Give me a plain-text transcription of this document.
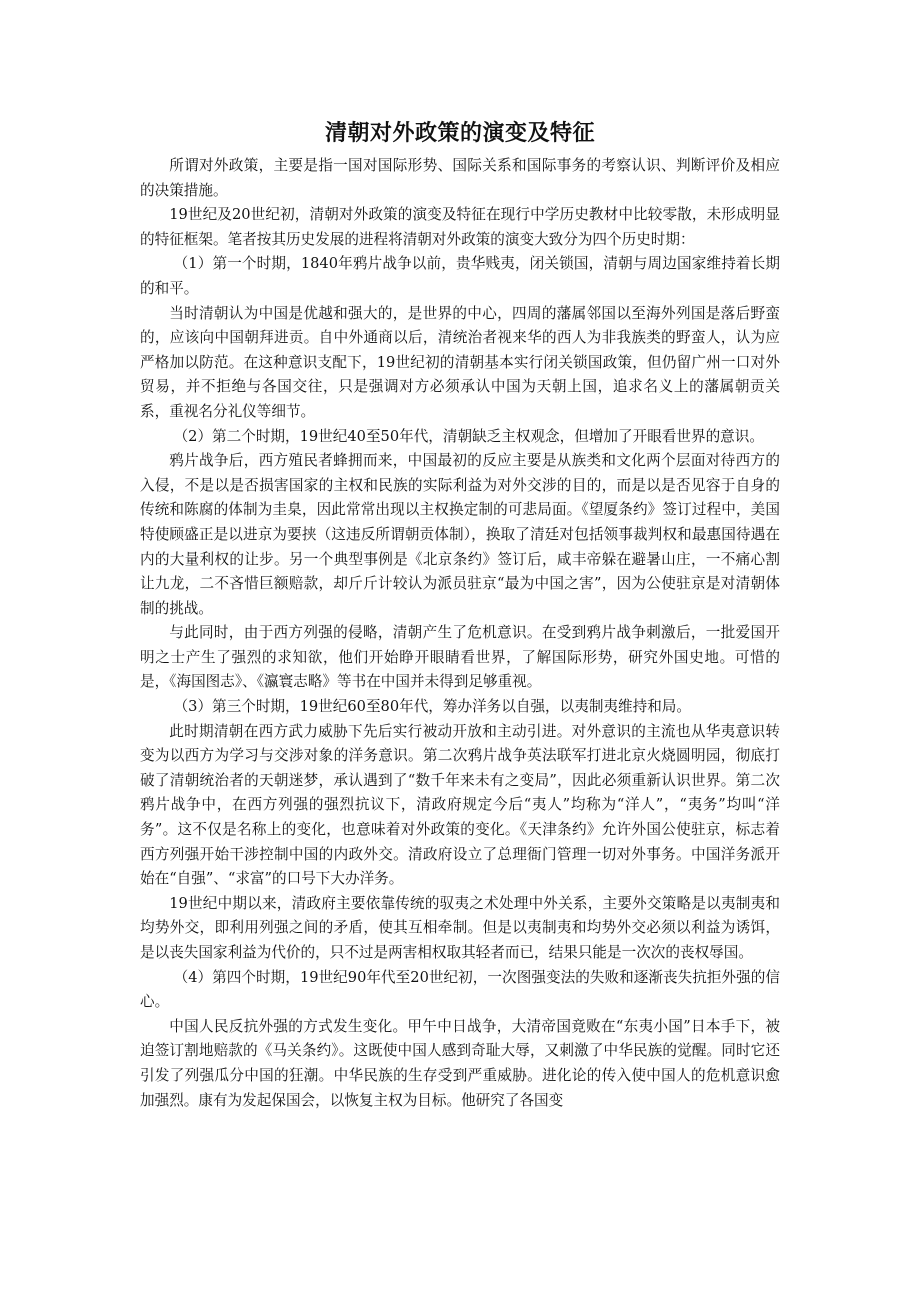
清朝对外政策的演变及特征

所谓对外政策，主要是指一国对国际形势、国际关系和国际事务的考察认识、判断评价及相应的决策措施。

19世纪及20世纪初，清朝对外政策的演变及特征在现行中学历史教材中比较零散，未形成明显的特征框架。笔者按其历史发展的进程将清朝对外政策的演变大致分为四个历史时期：

（1）第一个时期，1840年鸦片战争以前，贵华贱夷，闭关锁国，清朝与周边国家维持着长期的和平。

当时清朝认为中国是优越和强大的，是世界的中心，四周的藩属邻国以至海外列国是落后野蛮的，应该向中国朝拜进贡。自中外通商以后，清统治者视来华的西人为非我族类的野蛮人，认为应严格加以防范。在这种意识支配下，19世纪初的清朝基本实行闭关锁国政策，但仍留广州一口对外贸易，并不拒绝与各国交往，只是强调对方必须承认中国为天朝上国，追求名义上的藩属朝贡关系，重视名分礼仪等细节。

（2）第二个时期，19世纪40至50年代，清朝缺乏主权观念，但增加了开眼看世界的意识。

鸦片战争后，西方殖民者蜂拥而来，中国最初的反应主要是从族类和文化两个层面对待西方的入侵，不是以是否损害国家的主权和民族的实际利益为对外交涉的目的，而是以是否见容于自身的传统和陈腐的体制为圭臬，因此常常出现以主权换定制的可悲局面。《望厦条约》签订过程中，美国特使顾盛正是以进京为要挟（这违反所谓朝贡体制），换取了清廷对包括领事裁判权和最惠国待遇在内的大量利权的让步。另一个典型事例是《北京条约》签订后，咸丰帝躲在避暑山庄，一不痛心割让九龙，二不吝惜巨额赔款，却斤斤计较认为派员驻京“最为中国之害”，因为公使驻京是对清朝体制的挑战。

与此同时，由于西方列强的侵略，清朝产生了危机意识。在受到鸦片战争刺激后，一批爱国开明之士产生了强烈的求知欲，他们开始睁开眼睛看世界，了解国际形势，研究外国史地。可惜的是，《海国图志》、《瀛寰志略》等书在中国并未得到足够重视。

（3）第三个时期，19世纪60至80年代，筹办洋务以自强，以夷制夷维持和局。

此时期清朝在西方武力威胁下先后实行被动开放和主动引进。对外意识的主流也从华夷意识转变为以西方为学习与交涉对象的洋务意识。第二次鸦片战争英法联军打进北京火烧圆明园，彻底打破了清朝统治者的天朝迷梦，承认遇到了“数千年来未有之变局”，因此必须重新认识世界。第二次鸦片战争中，在西方列强的强烈抗议下，清政府规定今后“夷人”均称为“洋人”，“夷务”均叫“洋务”。这不仅是名称上的变化，也意味着对外政策的变化。《天津条约》允许外国公使驻京，标志着西方列强开始干涉控制中国的内政外交。清政府设立了总理衙门管理一切对外事务。中国洋务派开始在“自强”、“求富”的口号下大办洋务。

19世纪中期以来，清政府主要依靠传统的驭夷之术处理中外关系，主要外交策略是以夷制夷和均势外交，即利用列强之间的矛盾，使其互相牵制。但是以夷制夷和均势外交必须以利益为诱饵，是以丧失国家利益为代价的，只不过是两害相权取其轻者而已，结果只能是一次次的丧权辱国。

（4）第四个时期，19世纪90年代至20世纪初，一次图强变法的失败和逐渐丧失抗拒外强的信心。

中国人民反抗外强的方式发生变化。甲午中日战争，大清帝国竟败在“东夷小国”日本手下，被迫签订割地赔款的《马关条约》。这既使中国人感到奇耻大辱，又刺激了中华民族的觉醒。同时它还引发了列强瓜分中国的狂潮。中华民族的生存受到严重威胁。进化论的传入使中国人的危机意识愈加强烈。康有为发起保国会，以恢复主权为目标。他研究了各国变
